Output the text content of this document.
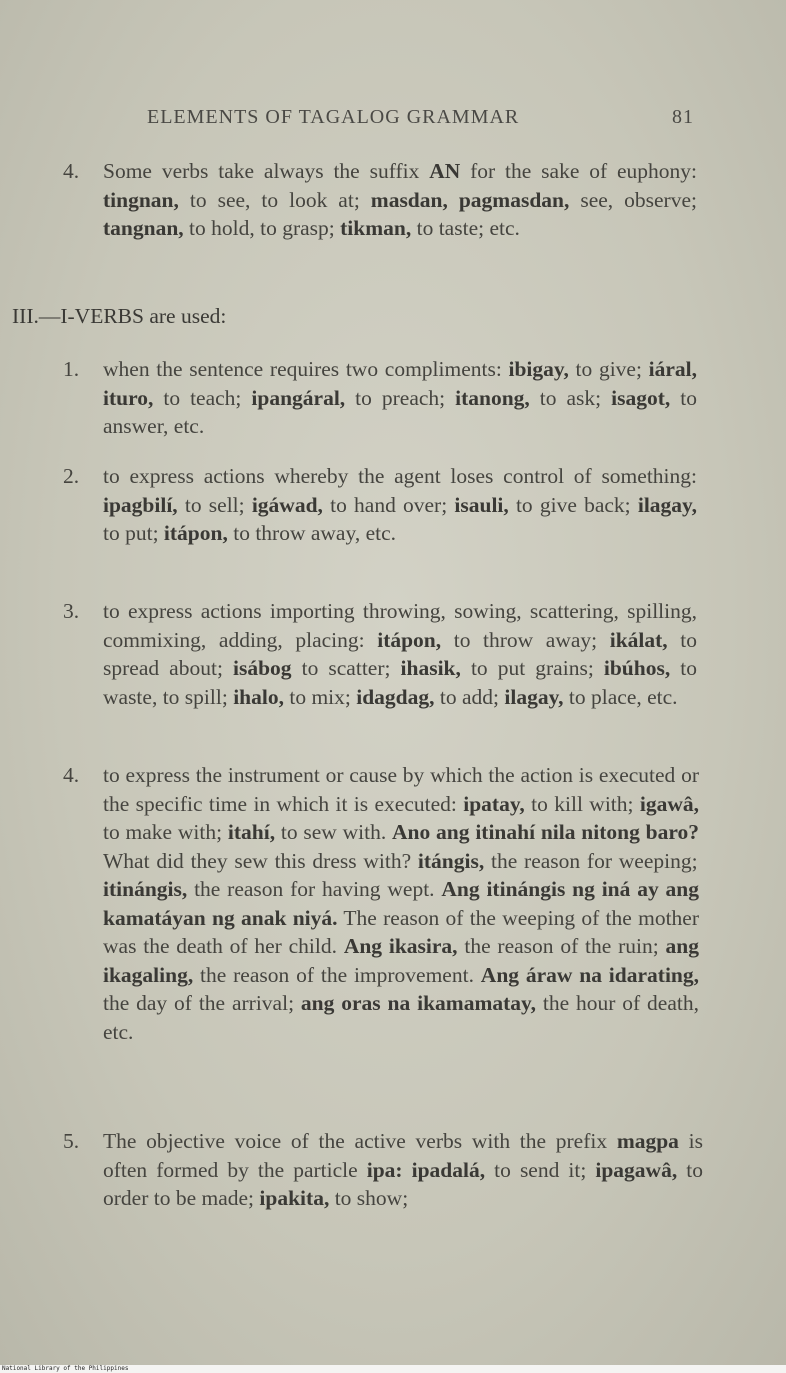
ELEMENTS OF TAGALOG GRAMMAR	81
4. Some verbs take always the suffix AN for the sake of euphony: tingnan, to see, to look at; masdan, pagmasdan, see, observe; tangnan, to hold, to grasp; tikman, to taste; etc.
III.—I-VERBS are used:
1. when the sentence requires two compliments: ibigay, to give; iáral, ituro, to teach; ipangáral, to preach; itanong, to ask; isagot, to answer, etc.
2. to express actions whereby the agent loses control of something: ipagbilí, to sell; igáwad, to hand over; isauli, to give back; ilagay, to put; itápon, to throw away, etc.
3. to express actions importing throwing, sowing, scattering, spilling, commixing, adding, placing: itápon, to throw away; ikálat, to spread about; isábog to scatter; ihasik, to put grains; ibúhos, to waste, to spill; ihalo, to mix; idagdag, to add; ilagay, to place, etc.
4. to express the instrument or cause by which the action is executed or the specific time in which it is executed: ipatay, to kill with; igawâ, to make with; itahí, to sew with. Ano ang itinahí nila nitong baro? What did they sew this dress with? itángis, the reason for weeping; itinángis, the reason for having wept. Ang itinángis ng iná ay ang kamatáyan ng anak niyá. The reason of the weeping of the mother was the death of her child. Ang ikasira, the reason of the ruin; ang ikagaling, the reason of the improvement. Ang áraw na idarating, the day of the arrival; ang oras na ikamamatay, the hour of death, etc.
5. The objective voice of the active verbs with the prefix magpa is often formed by the particle ipa: ipadalá, to send it; ipagawâ, to order to be made; ipakita, to show;
National Library of the Philippines
